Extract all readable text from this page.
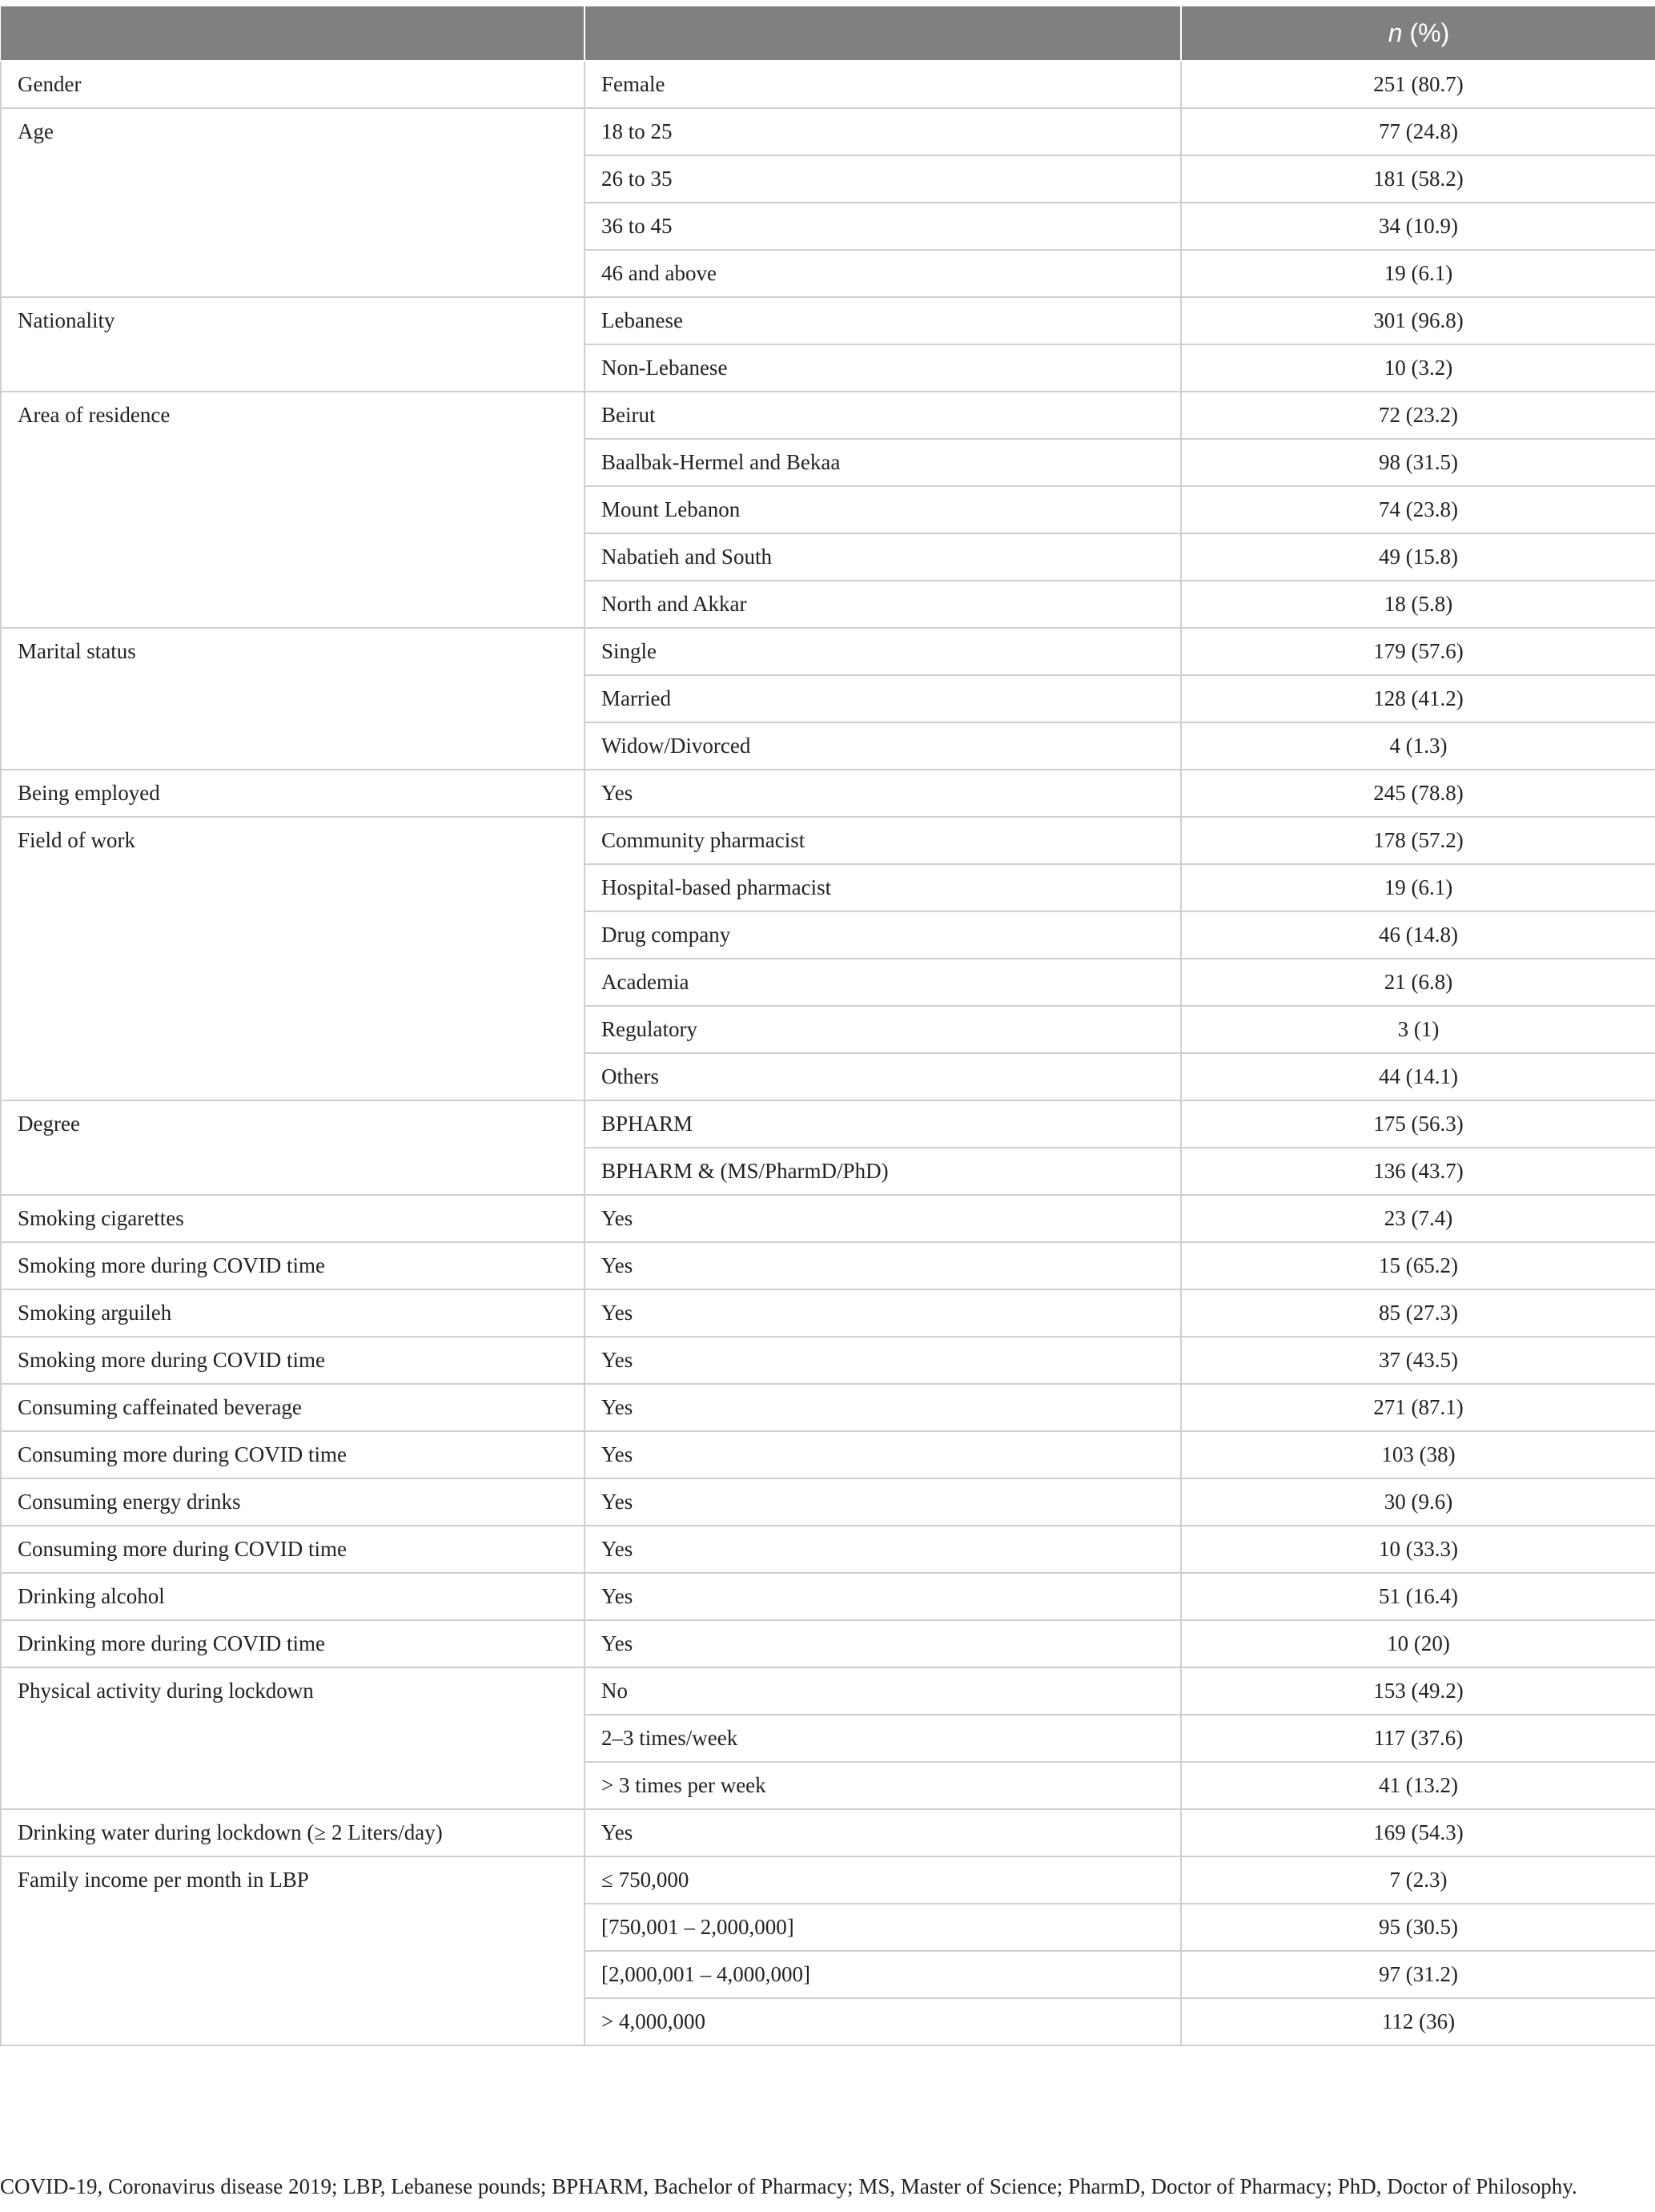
		n (%)
Gender	Female	251 (80.7)
Age	18 to 25	77 (24.8)
	26 to 35	181 (58.2)
	36 to 45	34 (10.9)
	46 and above	19 (6.1)
Nationality	Lebanese	301 (96.8)
	Non-Lebanese	10 (3.2)
Area of residence	Beirut	72 (23.2)
	Baalbak-Hermel and Bekaa	98 (31.5)
	Mount Lebanon	74 (23.8)
	Nabatieh and South	49 (15.8)
	North and Akkar	18 (5.8)
Marital status	Single	179 (57.6)
	Married	128 (41.2)
	Widow/Divorced	4 (1.3)
Being employed	Yes	245 (78.8)
Field of work	Community pharmacist	178 (57.2)
	Hospital-based pharmacist	19 (6.1)
	Drug company	46 (14.8)
	Academia	21 (6.8)
	Regulatory	3 (1)
	Others	44 (14.1)
Degree	BPHARM	175 (56.3)
	BPHARM & (MS/PharmD/PhD)	136 (43.7)
Smoking cigarettes	Yes	23 (7.4)
Smoking more during COVID time	Yes	15 (65.2)
Smoking arguileh	Yes	85 (27.3)
Smoking more during COVID time	Yes	37 (43.5)
Consuming caffeinated beverage	Yes	271 (87.1)
Consuming more during COVID time	Yes	103 (38)
Consuming energy drinks	Yes	30 (9.6)
Consuming more during COVID time	Yes	10 (33.3)
Drinking alcohol	Yes	51 (16.4)
Drinking more during COVID time	Yes	10 (20)
Physical activity during lockdown	No	153 (49.2)
	2–3 times/week	117 (37.6)
	> 3 times per week	41 (13.2)
Drinking water during lockdown (≥ 2 Liters/day)	Yes	169 (54.3)
Family income per month in LBP	≤ 750,000	7 (2.3)
	[750,001 – 2,000,000]	95 (30.5)
	[2,000,001 – 4,000,000]	97 (31.2)
	> 4,000,000	112 (36)
COVID-19, Coronavirus disease 2019; LBP, Lebanese pounds; BPHARM, Bachelor of Pharmacy; MS, Master of Science; PharmD, Doctor of Pharmacy; PhD, Doctor of Philosophy.
